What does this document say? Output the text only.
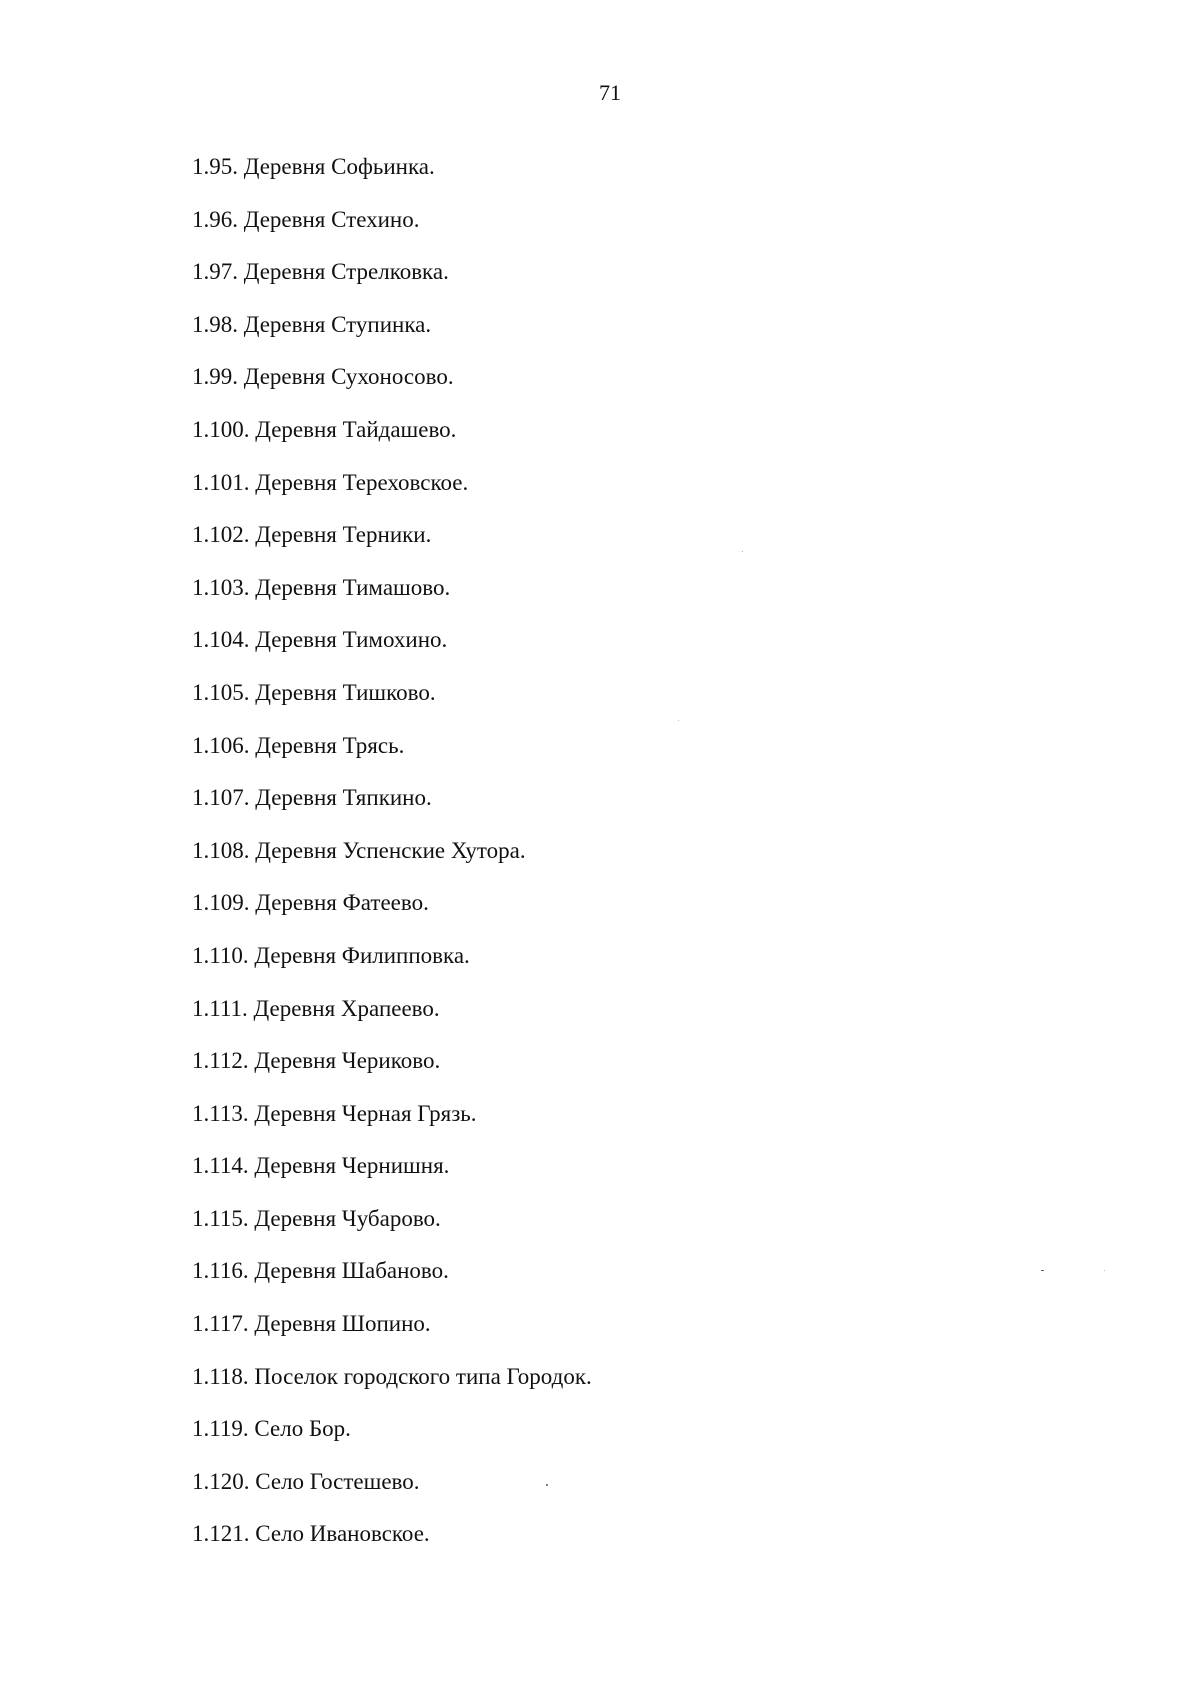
71
1.95. Деревня Софьинка.
1.96. Деревня Стехино.
1.97. Деревня Стрелковка.
1.98. Деревня Ступинка.
1.99. Деревня Сухоносово.
1.100. Деревня Тайдашево.
1.101. Деревня Тереховское.
1.102. Деревня Терники.
1.103. Деревня Тимашово.
1.104. Деревня Тимохино.
1.105. Деревня Тишково.
1.106. Деревня Трясь.
1.107. Деревня Тяпкино.
1.108. Деревня Успенские Хутора.
1.109. Деревня Фатеево.
1.110. Деревня Филипповка.
1.111. Деревня Храпеево.
1.112. Деревня Чериково.
1.113. Деревня Черная Грязь.
1.114. Деревня Чернишня.
1.115. Деревня Чубарово.
1.116. Деревня Шабаново.
1.117. Деревня Шопино.
1.118. Поселок городского типа Городок.
1.119. Село Бор.
1.120. Село Гостешево.
1.121. Село Ивановское.
